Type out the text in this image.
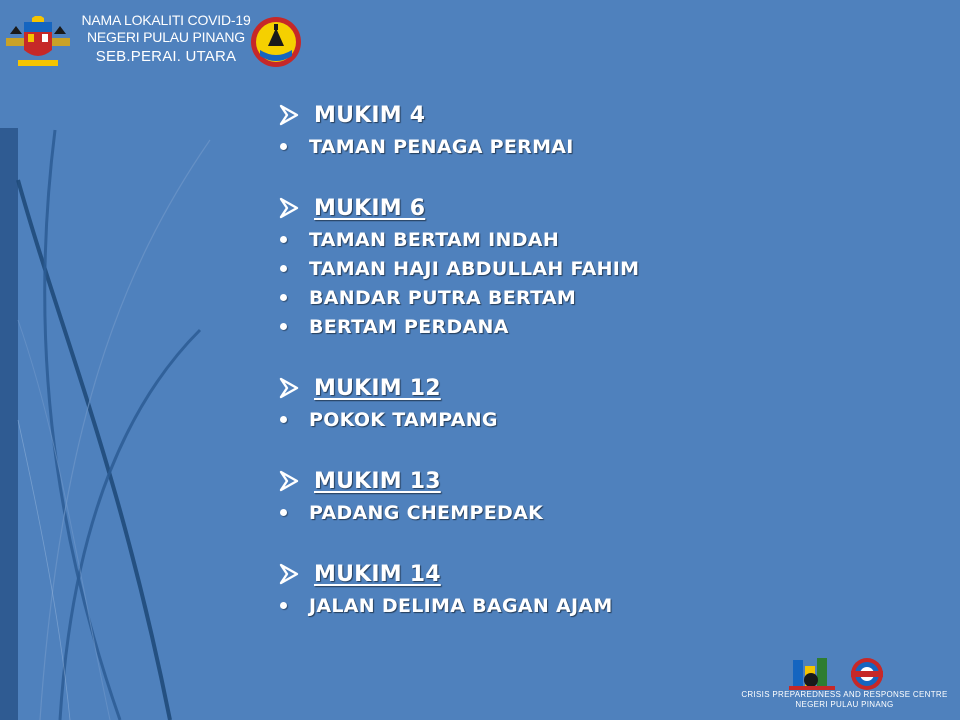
NAMA LOKALITI COVID-19
NEGERI PULAU PINANG
SEB.PERAI. UTARA
MUKIM 4
TAMAN PENAGA PERMAI
MUKIM 6
TAMAN BERTAM INDAH
TAMAN HAJI ABDULLAH FAHIM
BANDAR PUTRA BERTAM
BERTAM PERDANA
MUKIM 12
POKOK TAMPANG
MUKIM 13
PADANG CHEMPEDAK
MUKIM 14
JALAN DELIMA BAGAN AJAM
CRISIS PREPAREDNESS AND RESPONSE CENTRE
NEGERI PULAU PINANG
